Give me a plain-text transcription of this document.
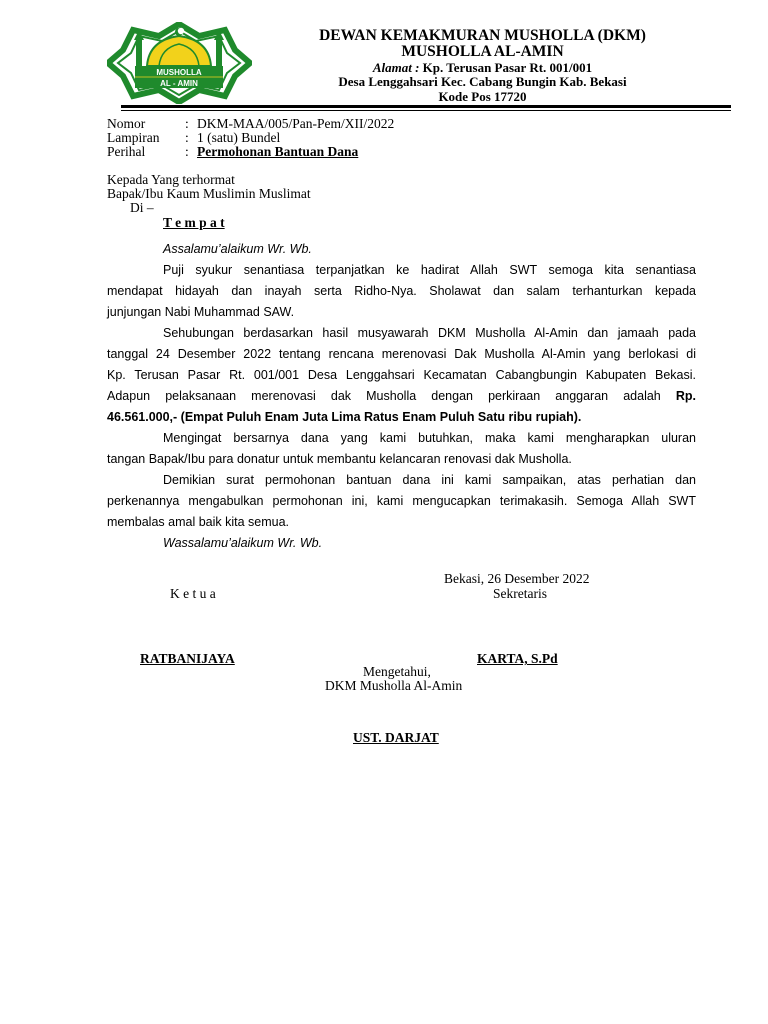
MUSHOLLA
AL - AMIN
DEWAN KEMAKMURAN MUSHOLLA (DKM)
MUSHOLLA AL-AMIN
Alamat : Kp. Terusan Pasar Rt. 001/001
Desa Lenggahsari Kec. Cabang Bungin Kab. Bekasi
Kode Pos 17720
Nomor	: DKM-MAA/005/Pan-Pem/XII/2022
Lampiran : 1 (satu) Bundel
Perihal	: Permohonan Bantuan Dana
Kepada Yang terhormat
Bapak/Ibu Kaum Muslimin Muslimat
Di –
T e m p a t

Assalamu’alaikum Wr. Wb.

Puji syukur senantiasa terpanjatkan ke hadirat Allah SWT semoga kita senantiasa
mendapat hidayah dan inayah serta Ridho-Nya. Sholawat dan salam terhanturkan kepada
junjungan Nabi Muhammad SAW.

Sehubungan berdasarkan hasil musyawarah DKM Musholla Al-Amin dan jamaah pada
tanggal 24 Desember 2022 tentang rencana merenovasi Dak Musholla Al-Amin yang berlokasi di
Kp. Terusan Pasar Rt. 001/001 Desa Lenggahsari Kecamatan Cabangbungin Kabupaten Bekasi.
Adapun pelaksanaan merenovasi dak Musholla dengan perkiraan anggaran adalah Rp.
46.561.000,- (Empat Puluh Enam Juta Lima Ratus Enam Puluh Satu ribu rupiah).

Mengingat bersarnya dana yang kami butuhkan, maka kami mengharapkan uluran
tangan Bapak/Ibu para donatur untuk membantu kelancaran renovasi dak Musholla.

Demikian surat permohonan bantuan dana ini kami sampaikan, atas perhatian dan
perkenannya mengabulkan permohonan ini, kami mengucapkan terimakasih. Semoga Allah SWT
membalas amal baik kita semua.

Wassalamu’alaikum Wr. Wb.

Bekasi, 26 Desember 2022
K e t u a	Sekretaris
RATBANIJAYA	KARTA, S.Pd
Mengetahui,
DKM Musholla Al-Amin
UST. DARJAT
